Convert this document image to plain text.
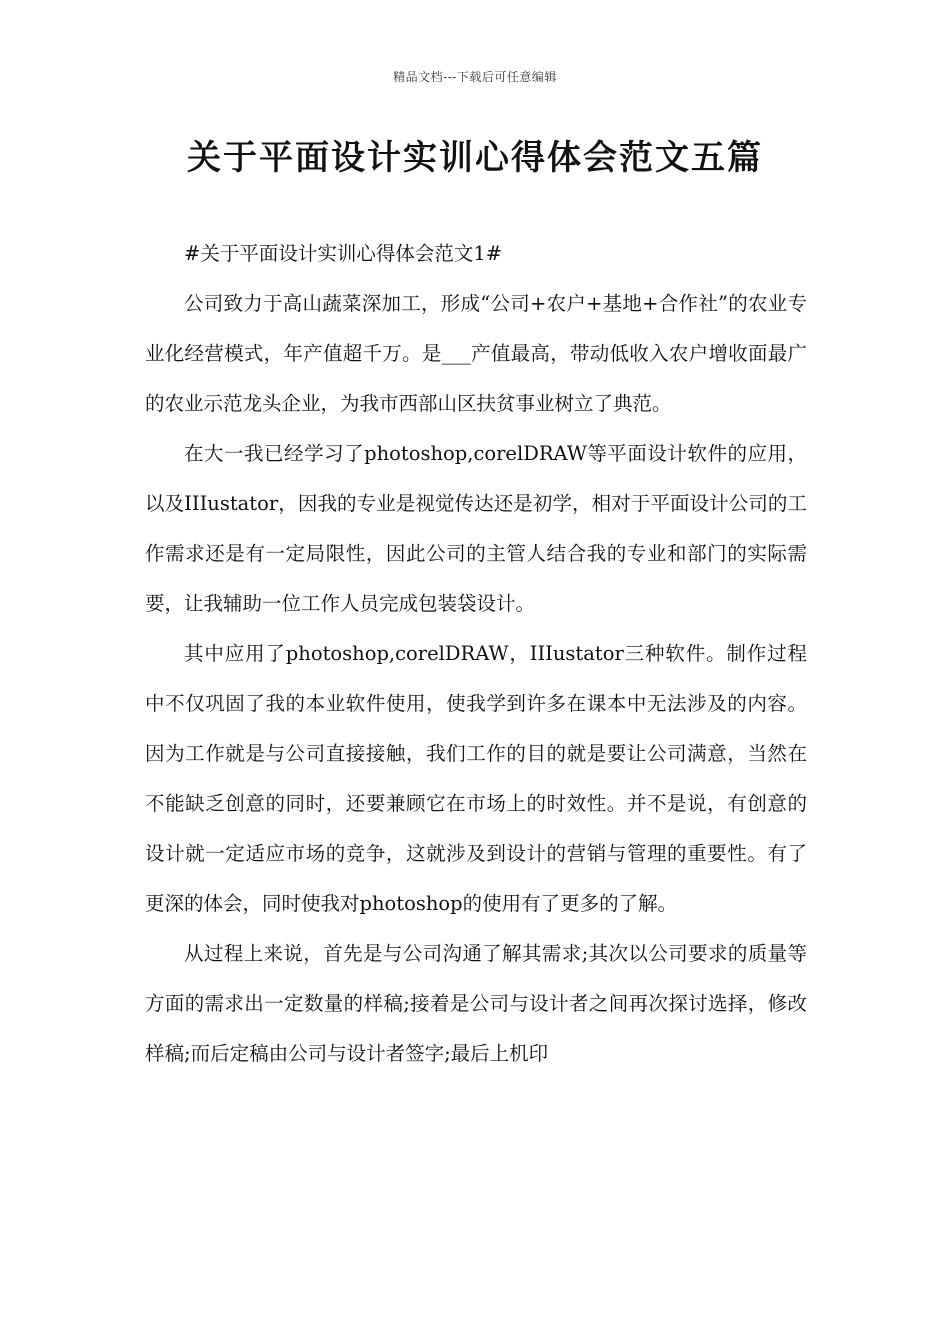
精品文档---下载后可任意编辑
关于平面设计实训心得体会范文五篇

#关于平面设计实训心得体会范文1#

公司致力于高山蔬菜深加工，形成“公司+农户+基地+合作社”的农业专业化经营模式，年产值超千万。是___产值最高，带动低收入农户增收面最广的农业示范龙头企业，为我市西部山区扶贫事业树立了典范。

在大一我已经学习了photoshop,corelDRAW等平面设计软件的应用，以及IIIustator，因我的专业是视觉传达还是初学，相对于平面设计公司的工作需求还是有一定局限性，因此公司的主管人结合我的专业和部门的实际需要，让我辅助一位工作人员完成包装袋设计。

其中应用了photoshop,corelDRAW，IIIustator三种软件。制作过程中不仅巩固了我的本业软件使用，使我学到许多在课本中无法涉及的内容。因为工作就是与公司直接接触，我们工作的目的就是要让公司满意，当然在不能缺乏创意的同时，还要兼顾它在市场上的时效性。并不是说，有创意的设计就一定适应市场的竞争，这就涉及到设计的营销与管理的重要性。有了更深的体会，同时使我对photoshop的使用有了更多的了解。

从过程上来说，首先是与公司沟通了解其需求;其次以公司要求的质量等方面的需求出一定数量的样稿;接着是公司与设计者之间再次探讨选择，修改样稿;而后定稿由公司与设计者签字;最后上机印
